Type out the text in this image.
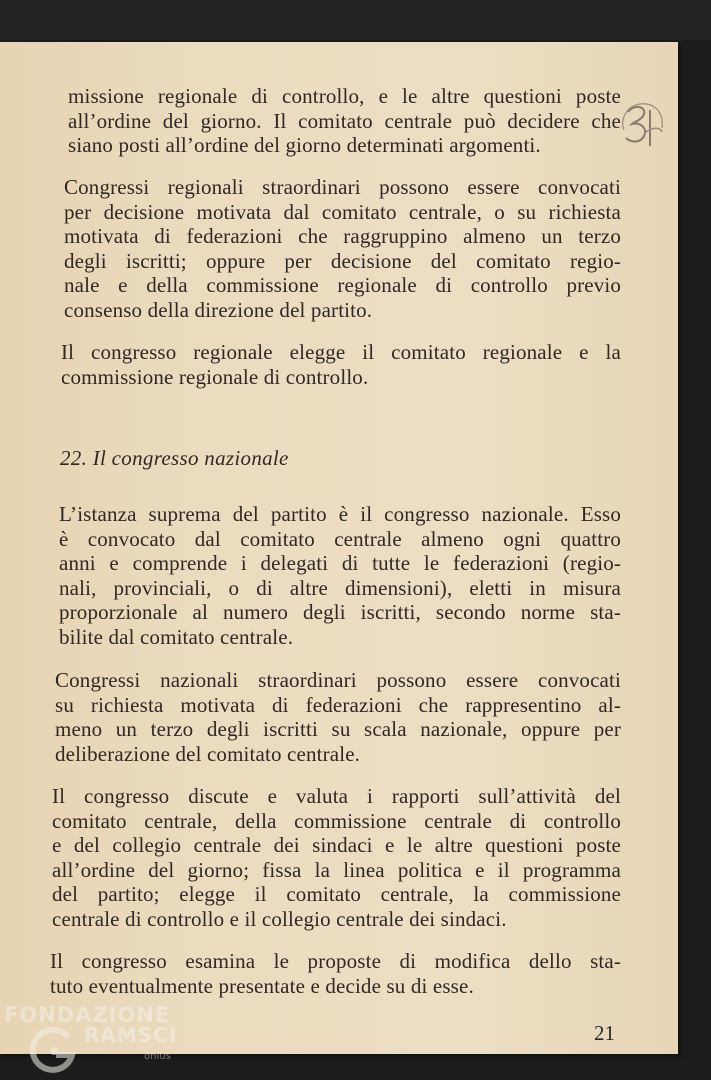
missione regionale di controllo, e le altre questioni poste
all’ordine del giorno. Il comitato centrale può decidere che
siano posti all’ordine del giorno determinati argomenti.
Congressi regionali straordinari possono essere convocati
per decisione motivata dal comitato centrale, o su richiesta
motivata di federazioni che raggruppino almeno un terzo
degli iscritti; oppure per decisione del comitato regio-
nale e della commissione regionale di controllo previo
consenso della direzione del partito.
Il congresso regionale elegge il comitato regionale e la
commissione regionale di controllo.
22. Il congresso nazionale
L’istanza suprema del partito è il congresso nazionale. Esso
è convocato dal comitato centrale almeno ogni quattro
anni e comprende i delegati di tutte le federazioni (regio-
nali, provinciali, o di altre dimensioni), eletti in misura
proporzionale al numero degli iscritti, secondo norme sta-
bilite dal comitato centrale.
Congressi nazionali straordinari possono essere convocati
su richiesta motivata di federazioni che rappresentino al-
meno un terzo degli iscritti su scala nazionale, oppure per
deliberazione del comitato centrale.
Il congresso discute e valuta i rapporti sull’attività del
comitato centrale, della commissione centrale di controllo
e del collegio centrale dei sindaci e le altre questioni poste
all’ordine del giorno; fissa la linea politica e il programma
del partito; elegge il comitato centrale, la commissione
centrale di controllo e il collegio centrale dei sindaci.
Il congresso esamina le proposte di modifica dello sta-
tuto eventualmente presentate e decide su di esse.
21
FONDAZIONE
RAMSCI
onlus
